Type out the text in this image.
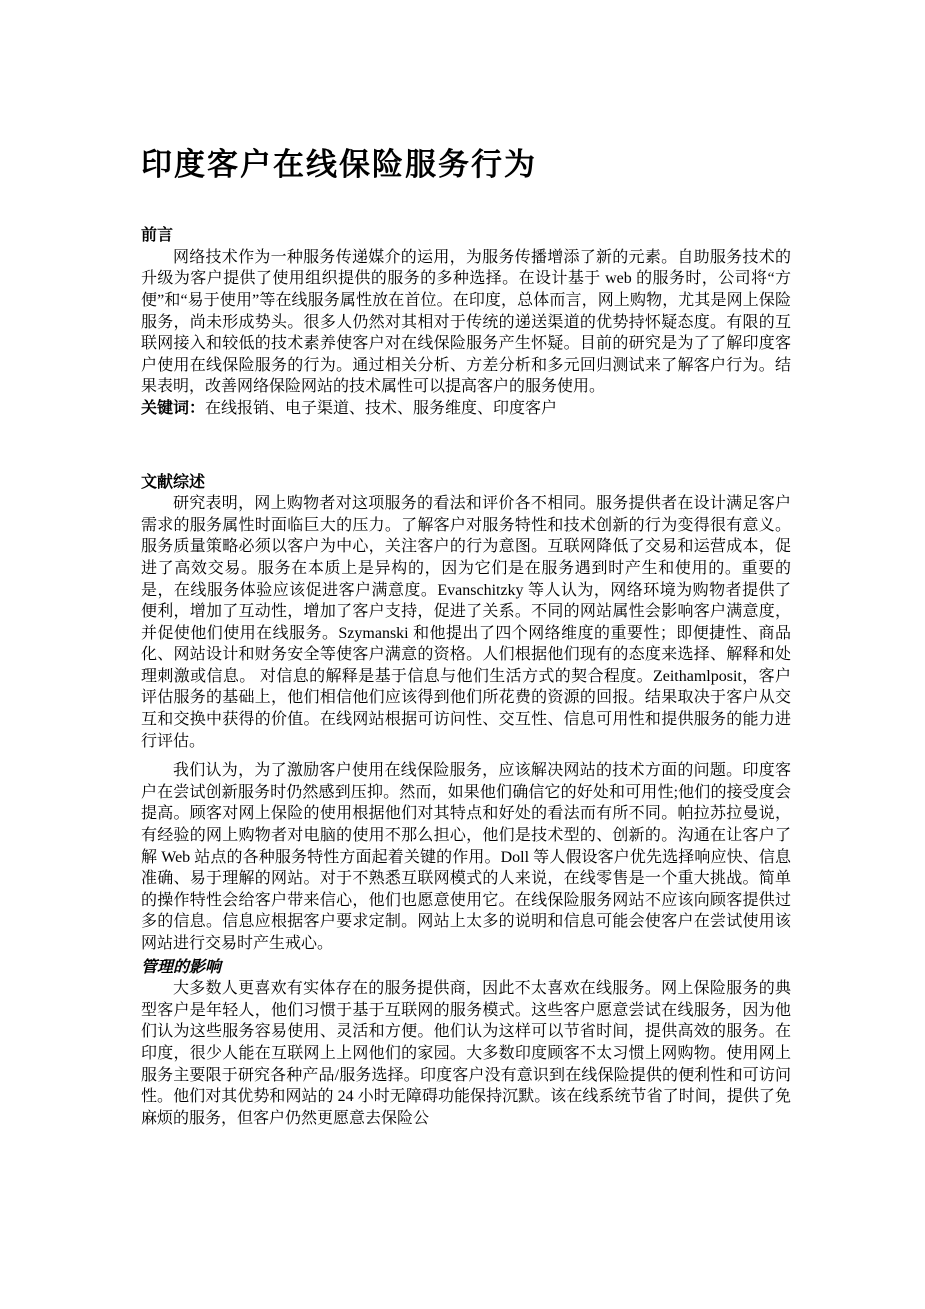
印度客户在线保险服务行为
前言

网络技术作为一种服务传递媒介的运用，为服务传播增添了新的元素。自助服务技术的升级为客户提供了使用组织提供的服务的多种选择。在设计基于 web 的服务时，公司将“方便”和“易于使用”等在线服务属性放在首位。在印度，总体而言，网上购物，尤其是网上保险服务，尚未形成势头。很多人仍然对其相对于传统的递送渠道的优势持怀疑态度。有限的互联网接入和较低的技术素养使客户对在线保险服务产生怀疑。目前的研究是为了了解印度客户使用在线保险服务的行为。通过相关分析、方差分析和多元回归测试来了解客户行为。结果表明，改善网络保险网站的技术属性可以提高客户的服务使用。

关键词：在线报销、电子渠道、技术、服务维度、印度客户

文献综述

研究表明，网上购物者对这项服务的看法和评价各不相同。服务提供者在设计满足客户需求的服务属性时面临巨大的压力。了解客户对服务特性和技术创新的行为变得很有意义。服务质量策略必须以客户为中心，关注客户的行为意图。互联网降低了交易和运营成本，促进了高效交易。服务在本质上是异构的，因为它们是在服务遇到时产生和使用的。重要的是，在线服务体验应该促进客户满意度。Evanschitzky 等人认为，网络环境为购物者提供了便利，增加了互动性，增加了客户支持，促进了关系。不同的网站属性会影响客户满意度，并促使他们使用在线服务。Szymanski 和他提出了四个网络维度的重要性；即便捷性、商品化、网站设计和财务安全等使客户满意的资格。人们根据他们现有的态度来选择、解释和处理刺激或信息。 对信息的解释是基于信息与他们生活方式的契合程度。Zeithamlposit，客户评估服务的基础上，他们相信他们应该得到他们所花费的资源的回报。结果取决于客户从交互和交换中获得的价值。在线网站根据可访问性、交互性、信息可用性和提供服务的能力进行评估。

我们认为，为了激励客户使用在线保险服务，应该解决网站的技术方面的问题。印度客户在尝试创新服务时仍然感到压抑。然而，如果他们确信它的好处和可用性;他们的接受度会提高。顾客对网上保险的使用根据他们对其特点和好处的看法而有所不同。帕拉苏拉曼说，有经验的网上购物者对电脑的使用不那么担心，他们是技术型的、创新的。沟通在让客户了解 Web 站点的各种服务特性方面起着关键的作用。Doll 等人假设客户优先选择响应快、信息准确、易于理解的网站。对于不熟悉互联网模式的人来说，在线零售是一个重大挑战。简单的操作特性会给客户带来信心，他们也愿意使用它。在线保险服务网站不应该向顾客提供过多的信息。信息应根据客户要求定制。网站上太多的说明和信息可能会使客户在尝试使用该网站进行交易时产生戒心。

管理的影响

大多数人更喜欢有实体存在的服务提供商，因此不太喜欢在线服务。网上保险服务的典型客户是年轻人，他们习惯于基于互联网的服务模式。这些客户愿意尝试在线服务，因为他们认为这些服务容易使用、灵活和方便。他们认为这样可以节省时间，提供高效的服务。在印度，很少人能在互联网上上网他们的家园。大多数印度顾客不太习惯上网购物。使用网上服务主要限于研究各种产品/服务选择。印度客户没有意识到在线保险提供的便利性和可访问性。他们对其优势和网站的 24 小时无障碍功能保持沉默。该在线系统节省了时间，提供了免麻烦的服务，但客户仍然更愿意去保险公
